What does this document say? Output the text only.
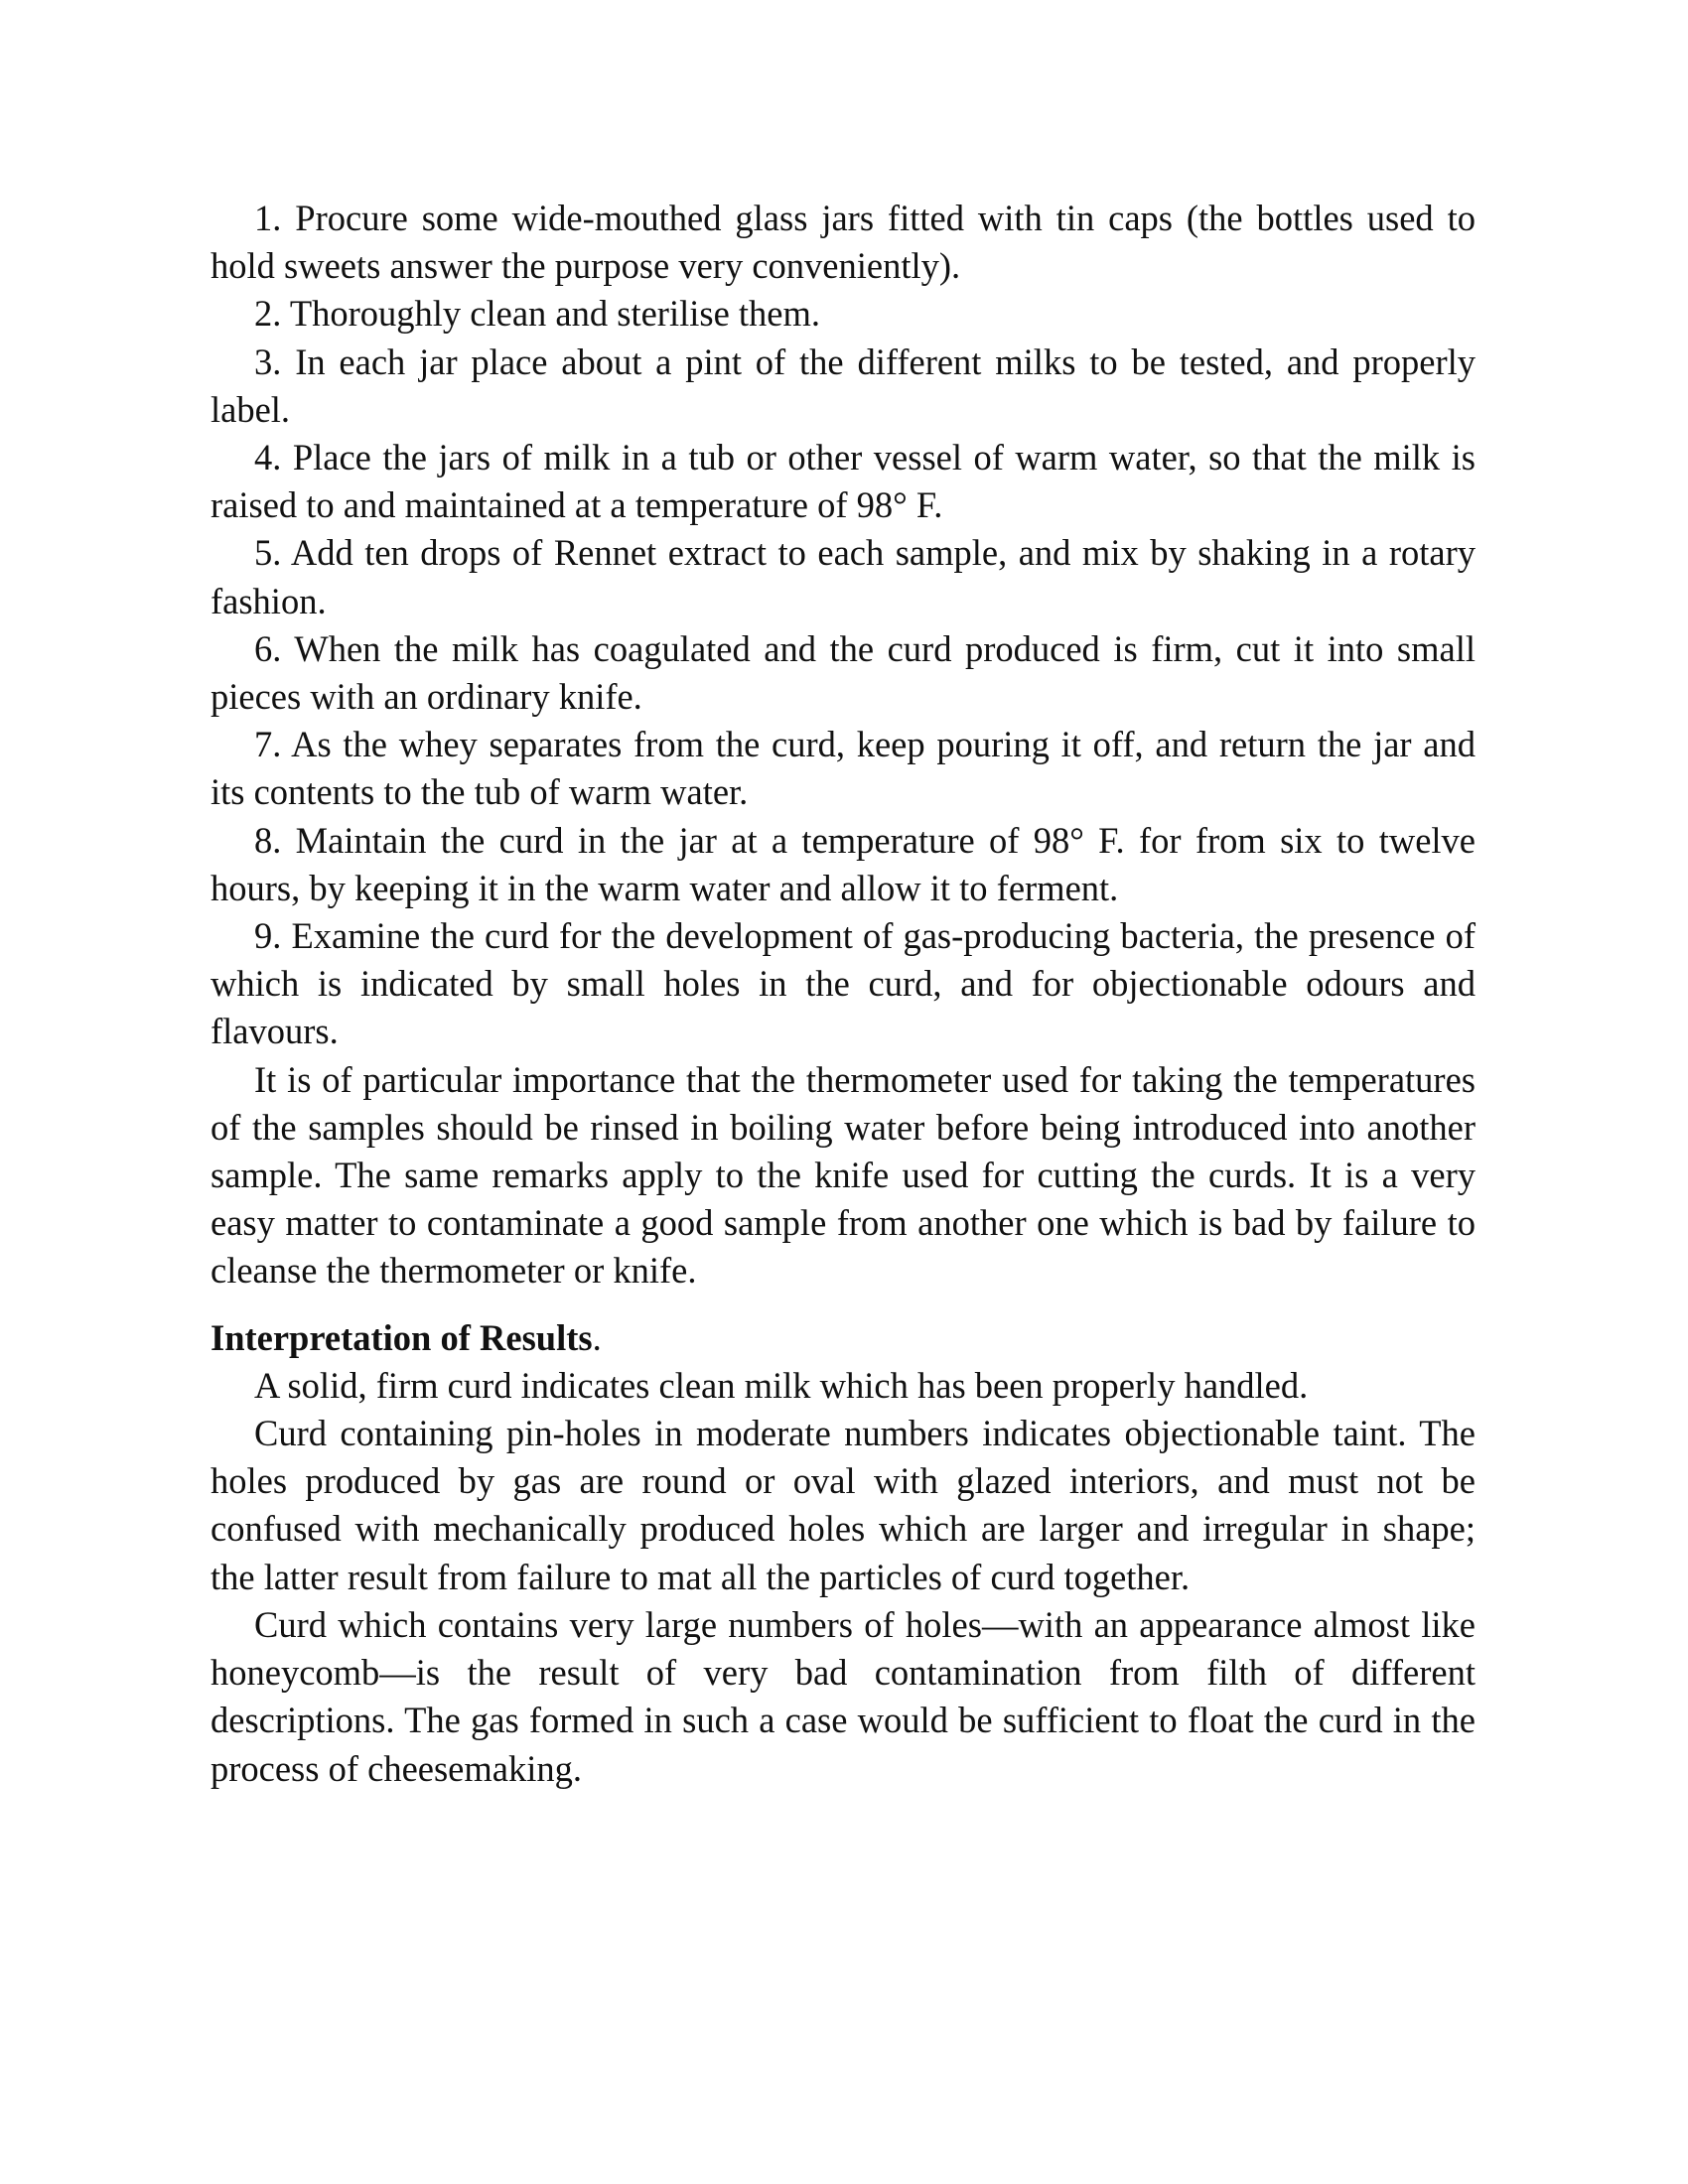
1. Procure some wide-mouthed glass jars fitted with tin caps (the bottles used to hold sweets answer the purpose very conveniently).

2. Thoroughly clean and sterilise them.

3. In each jar place about a pint of the different milks to be tested, and properly label.

4. Place the jars of milk in a tub or other vessel of warm water, so that the milk is raised to and maintained at a temperature of 98° F.

5. Add ten drops of Rennet extract to each sample, and mix by shaking in a rotary fashion.

6. When the milk has coagulated and the curd produced is firm, cut it into small pieces with an ordinary knife.

7. As the whey separates from the curd, keep pouring it off, and return the jar and its contents to the tub of warm water.

8. Maintain the curd in the jar at a temperature of 98° F. for from six to twelve hours, by keeping it in the warm water and allow it to ferment.

9. Examine the curd for the development of gas-producing bacteria, the presence of which is indicated by small holes in the curd, and for objectionable odours and flavours.

It is of particular importance that the thermometer used for taking the temperatures of the samples should be rinsed in boiling water before being introduced into another sample. The same remarks apply to the knife used for cutting the curds. It is a very easy matter to contaminate a good sample from another one which is bad by failure to cleanse the thermometer or knife.

Interpretation of Results.

A solid, firm curd indicates clean milk which has been properly handled.

Curd containing pin-holes in moderate numbers indicates objectionable taint. The holes produced by gas are round or oval with glazed interiors, and must not be confused with mechanically produced holes which are larger and irregular in shape; the latter result from failure to mat all the particles of curd together.

Curd which contains very large numbers of holes—with an appearance almost like honeycomb—is the result of very bad contamination from filth of different descriptions. The gas formed in such a case would be sufficient to float the curd in the process of cheesemaking.
